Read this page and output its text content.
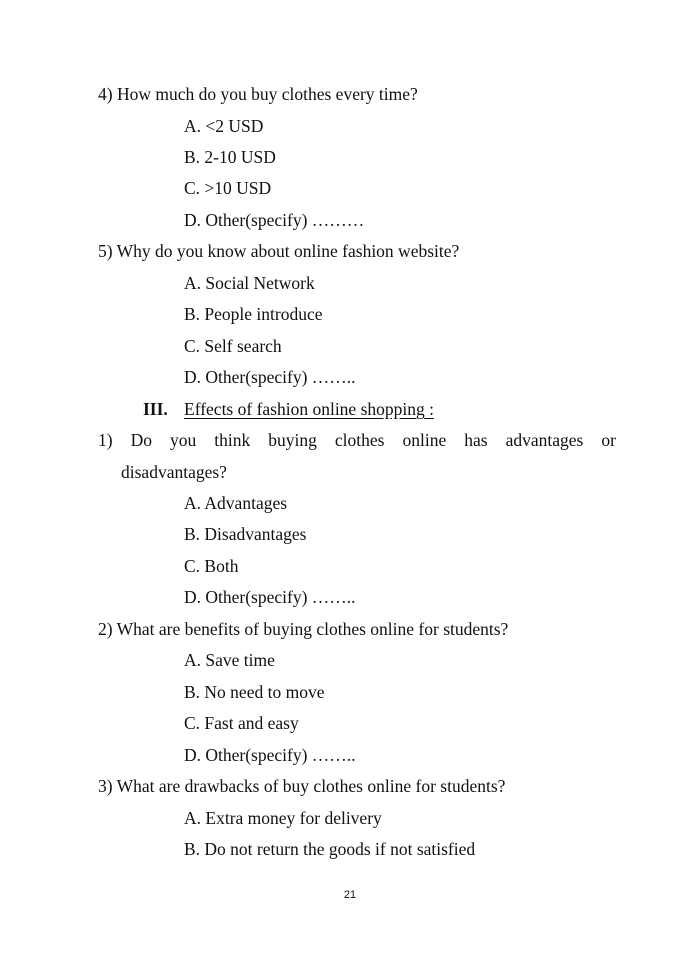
4) How much do you buy clothes every time?
A. <2 USD
B. 2-10 USD
C. >10 USD
D. Other(specify) ………
5) Why do you know about online fashion website?
A. Social Network
B. People introduce
C. Self search
D. Other(specify) ……..
III. Effects of fashion online shopping :
1) Do you think buying clothes online has advantages or
disadvantages?
A. Advantages
B. Disadvantages
C. Both
D. Other(specify) ……..
2) What are benefits of buying clothes online for students?
A. Save time
B. No need to move
C. Fast and easy
D. Other(specify) ……..
3) What are drawbacks of buy clothes online for students?
A. Extra money for delivery
B. Do not return the goods if not satisfied
21
